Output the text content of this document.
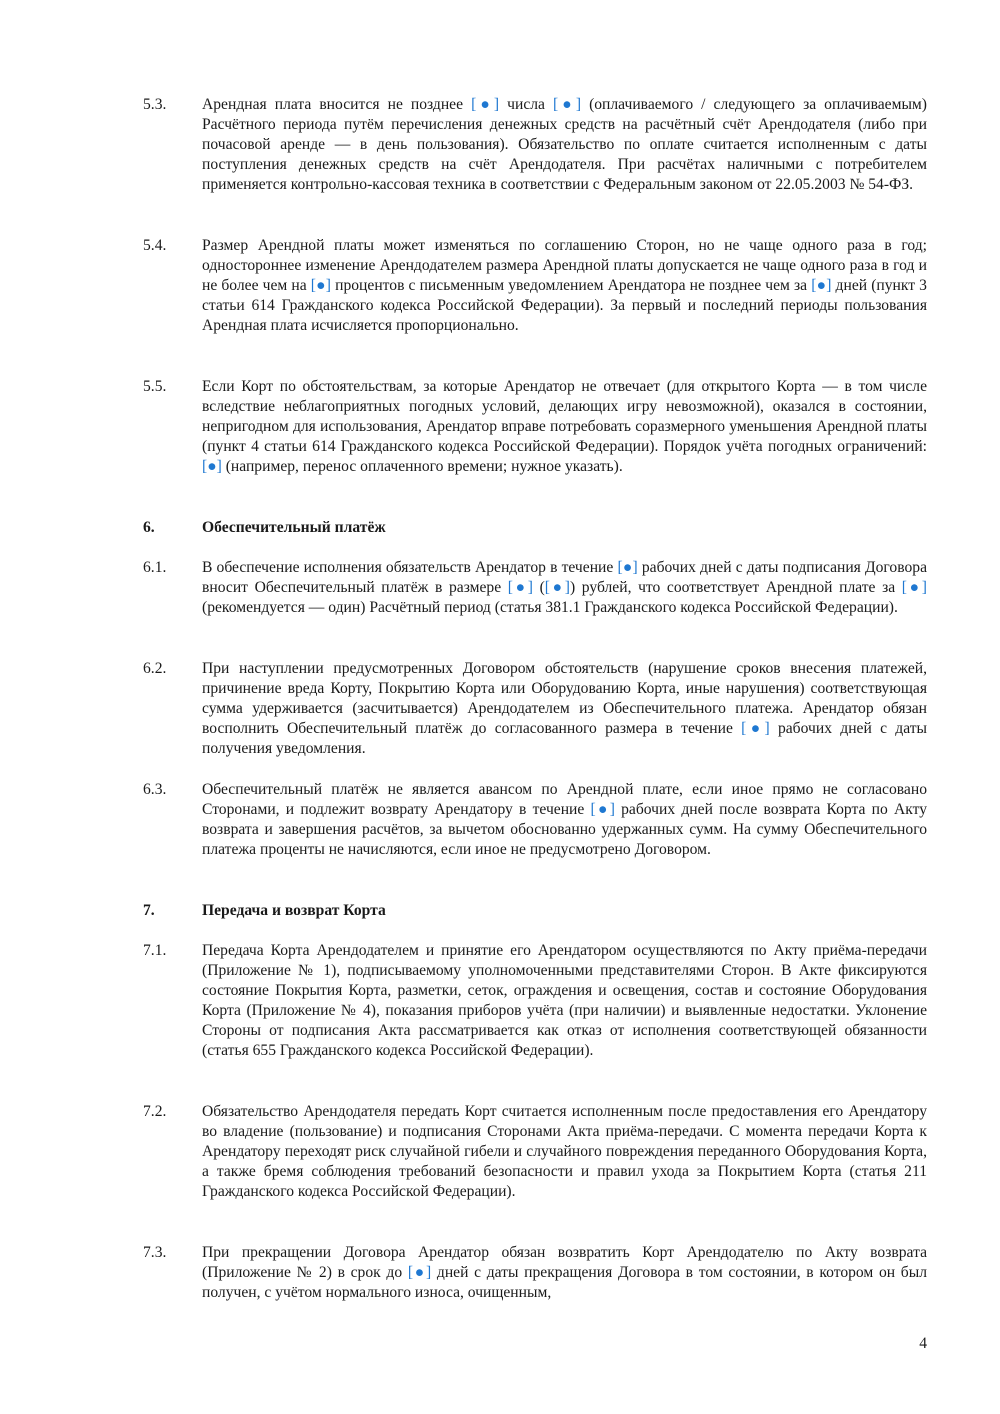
5.3. Арендная плата вносится не позднее [●] числа [●] (оплачиваемого / следующего за оплачиваемым) Расчётного периода путём перечисления денежных средств на расчётный счёт Арендодателя (либо при почасовой аренде — в день пользования). Обязательство по оплате считается исполненным с даты поступления денежных средств на счёт Арендодателя. При расчётах наличными с потребителем применяется контрольно-кассовая техника в соответствии с Федеральным законом от 22.05.2003 № 54-ФЗ.
5.4. Размер Арендной платы может изменяться по соглашению Сторон, но не чаще одного раза в год; одностороннее изменение Арендодателем размера Арендной платы допускается не чаще одного раза в год и не более чем на [●] процентов с письменным уведомлением Арендатора не позднее чем за [●] дней (пункт 3 статьи 614 Гражданского кодекса Российской Федерации). За первый и последний периоды пользования Арендная плата исчисляется пропорционально.
5.5. Если Корт по обстоятельствам, за которые Арендатор не отвечает (для открытого Корта — в том числе вследствие неблагоприятных погодных условий, делающих игру невозможной), оказался в состоянии, непригодном для использования, Арендатор вправе потребовать соразмерного уменьшения Арендной платы (пункт 4 статьи 614 Гражданского кодекса Российской Федерации). Порядок учёта погодных ограничений: [●] (например, перенос оплаченного времени; нужное указать).
6.	Обеспечительный платёж
6.1. В обеспечение исполнения обязательств Арендатор в течение [●] рабочих дней с даты подписания Договора вносит Обеспечительный платёж в размере [●] ([●]) рублей, что соответствует Арендной плате за [●] (рекомендуется — один) Расчётный период (статья 381.1 Гражданского кодекса Российской Федерации).
6.2. При наступлении предусмотренных Договором обстоятельств (нарушение сроков внесения платежей, причинение вреда Корту, Покрытию Корта или Оборудованию Корта, иные нарушения) соответствующая сумма удерживается (засчитывается) Арендодателем из Обеспечительного платежа. Арендатор обязан восполнить Обеспечительный платёж до согласованного размера в течение [●] рабочих дней с даты получения уведомления.
6.3. Обеспечительный платёж не является авансом по Арендной плате, если иное прямо не согласовано Сторонами, и подлежит возврату Арендатору в течение [●] рабочих дней после возврата Корта по Акту возврата и завершения расчётов, за вычетом обоснованно удержанных сумм. На сумму Обеспечительного платежа проценты не начисляются, если иное не предусмотрено Договором.
7.	Передача и возврат Корта
7.1. Передача Корта Арендодателем и принятие его Арендатором осуществляются по Акту приёма-передачи (Приложение № 1), подписываемому уполномоченными представителями Сторон. В Акте фиксируются состояние Покрытия Корта, разметки, сеток, ограждения и освещения, состав и состояние Оборудования Корта (Приложение № 4), показания приборов учёта (при наличии) и выявленные недостатки. Уклонение Стороны от подписания Акта рассматривается как отказ от исполнения соответствующей обязанности (статья 655 Гражданского кодекса Российской Федерации).
7.2. Обязательство Арендодателя передать Корт считается исполненным после предоставления его Арендатору во владение (пользование) и подписания Сторонами Акта приёма-передачи. С момента передачи Корта к Арендатору переходят риск случайной гибели и случайного повреждения переданного Оборудования Корта, а также бремя соблюдения требований безопасности и правил ухода за Покрытием Корта (статья 211 Гражданского кодекса Российской Федерации).
7.3. При прекращении Договора Арендатор обязан возвратить Корт Арендодателю по Акту возврата (Приложение № 2) в срок до [●] дней с даты прекращения Договора в том состоянии, в котором он был получен, с учётом нормального износа, очищенным,
4
